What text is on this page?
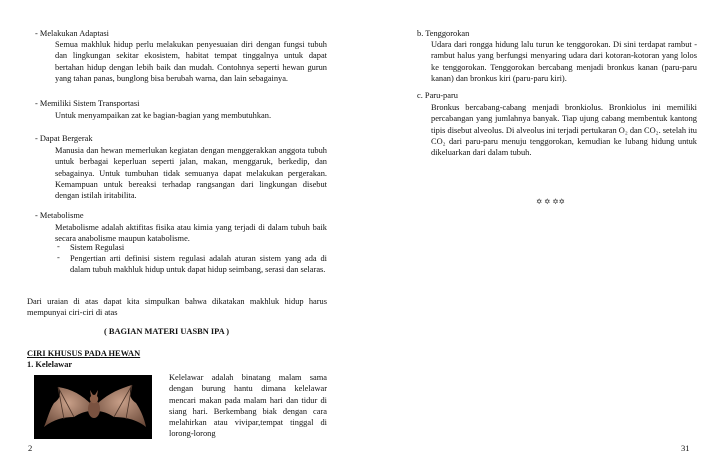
- Melakukan Adaptasi
Semua makhluk hidup perlu melakukan penyesuaian diri dengan fungsi tubuh dan lingkungan sekitar ekosistem, habitat tempat tinggalnya untuk dapat bertahan hidup dengan lebih baik dan mudah. Contohnya seperti hewan gurun yang tahan panas, bunglong bisa berubah warna, dan lain sebagainya.
- Memiliki Sistem Transportasi
Untuk menyampaikan zat ke bagian-bagian yang membutuhkan.
- Dapat Bergerak
Manusia dan hewan memerlukan kegiatan dengan menggerakkan anggota tubuh untuk berbagai keperluan seperti jalan, makan, menggaruk, berkedip, dan sebagainya. Untuk tumbuhan tidak semuanya dapat melakukan pergerakan. Kemampuan untuk bereaksi terhadap rangsangan dari lingkungan disebut dengan istilah iritabilita.
- Metabolisme
Metabolisme adalah aktifitas fisika atau kimia yang terjadi di dalam tubuh baik secara anabolisme maupun katabolisme.
- Sistem Regulasi
- Pengertian arti definisi sistem regulasi adalah aturan sistem yang ada di dalam tubuh makhluk hidup untuk dapat hidup seimbang, serasi dan selaras.
Dari uraian di atas dapat kita simpulkan bahwa dikatakan makhluk hidup harus mempunyai ciri-ciri di atas
( BAGIAN MATERI UASBN IPA )
CIRI KHUSUS PADA HEWAN
1. Kelelawar
Kelelawar adalah binatang malam sama dengan burung hantu dimana kelelawar mencari makan pada malam hari dan tidur di siang hari. Berkembang biak dengan cara melahirkan atau vivipar,tempat tinggal di lorong-lorong
2
b. Tenggorokan
Udara dari rongga hidung lalu turun ke tenggorokan. Di sini terdapat rambut -rambut halus yang berfungsi menyaring udara dari kotoran-kotoran yang lolos ke tenggorokan. Tenggorokan bercabang menjadi bronkus kanan (paru-paru kanan) dan bronkus kiri (paru-paru kiri).
c. Paru-paru
Bronkus bercabang-cabang menjadi bronkiolus. Bronkiolus ini memiliki percabangan yang jumlahnya banyak. Tiap ujung cabang membentuk kantong tipis disebut alveolus. Di alveolus ini terjadi pertukaran O₂ dan CO₂. setelah itu CO₂ dari paru-paru menuju tenggorokan, kemudian ke lubang hidung untuk dikeluarkan dari dalam tubuh.
✡ ✡ ✡✡
31
